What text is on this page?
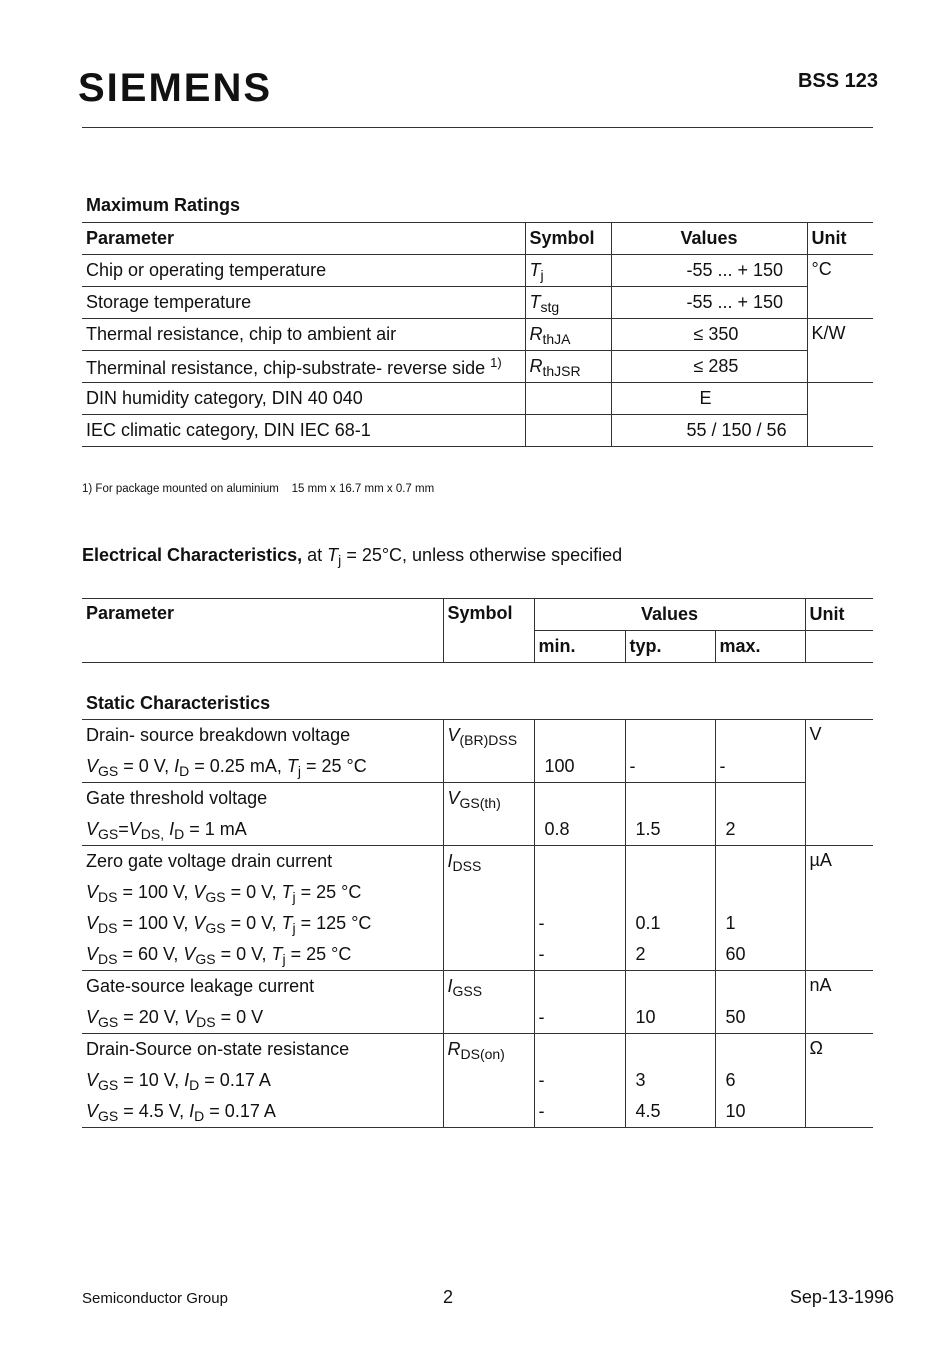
SIEMENS	BSS 123
Maximum Ratings
Parameter	Symbol	Values	Unit
Chip or operating temperature	$T_j$	-55 ... + 150	°C
Storage temperature	$T_{stg}$	-55 ... + 150	
Thermal resistance, chip to ambient air	$R_{thJA}$	≤ 350	K/W
Therminal resistance, chip-substrate- reverse side $^{1)}$	$R_{thJSR}$	≤ 285	
DIN humidity category, DIN 40 040		E	
IEC climatic category, DIN IEC 68-1		55 / 150 / 56	
1) For package mounted on aluminium    15 mm x 16.7 mm x 0.7 mm
Electrical Characteristics, at $T_j = 25^\circ C$, unless otherwise specified
Parameter	Symbol	Values			Unit
		min.	typ.	max.	
Static Characteristics
Drain- source breakdown voltage	$V_{(BR)DSS}$				V
$V_{GS} = 0$ V, $I_D = 0.25$ mA, $T_j = 25$ °C		100	-	-	
Gate threshold voltage	$V_{GS(th)}$			
$V_{GS}=V_{DS,}$ $I_D = 1$ mA		0.8	1.5	2	
Zero gate voltage drain current	$I_{DSS}$				µA
$V_{DS} = 100$ V, $V_{GS} = 0$ V, $T_j = 25$ °C					
$V_{DS} = 100$ V, $V_{GS} = 0$ V, $T_j = 125$ °C		-	0.1	1	
$V_{DS} = 60$ V, $V_{GS} = 0$ V, $T_j = 25$ °C		-	2	60	
Gate-source leakage current	$I_{GSS}$				nA
$V_{GS} = 20$ V, $V_{DS} = 0$ V		-	10	50	
Drain-Source on-state resistance	$R_{DS(on)}$				Ω
$V_{GS} = 10$ V, $I_D = 0.17$ A		-	3	6	
$V_{GS} = 4.5$ V, $I_D = 0.17$ A		-	4.5	10	
Semiconductor Group	2	Sep-13-1996
